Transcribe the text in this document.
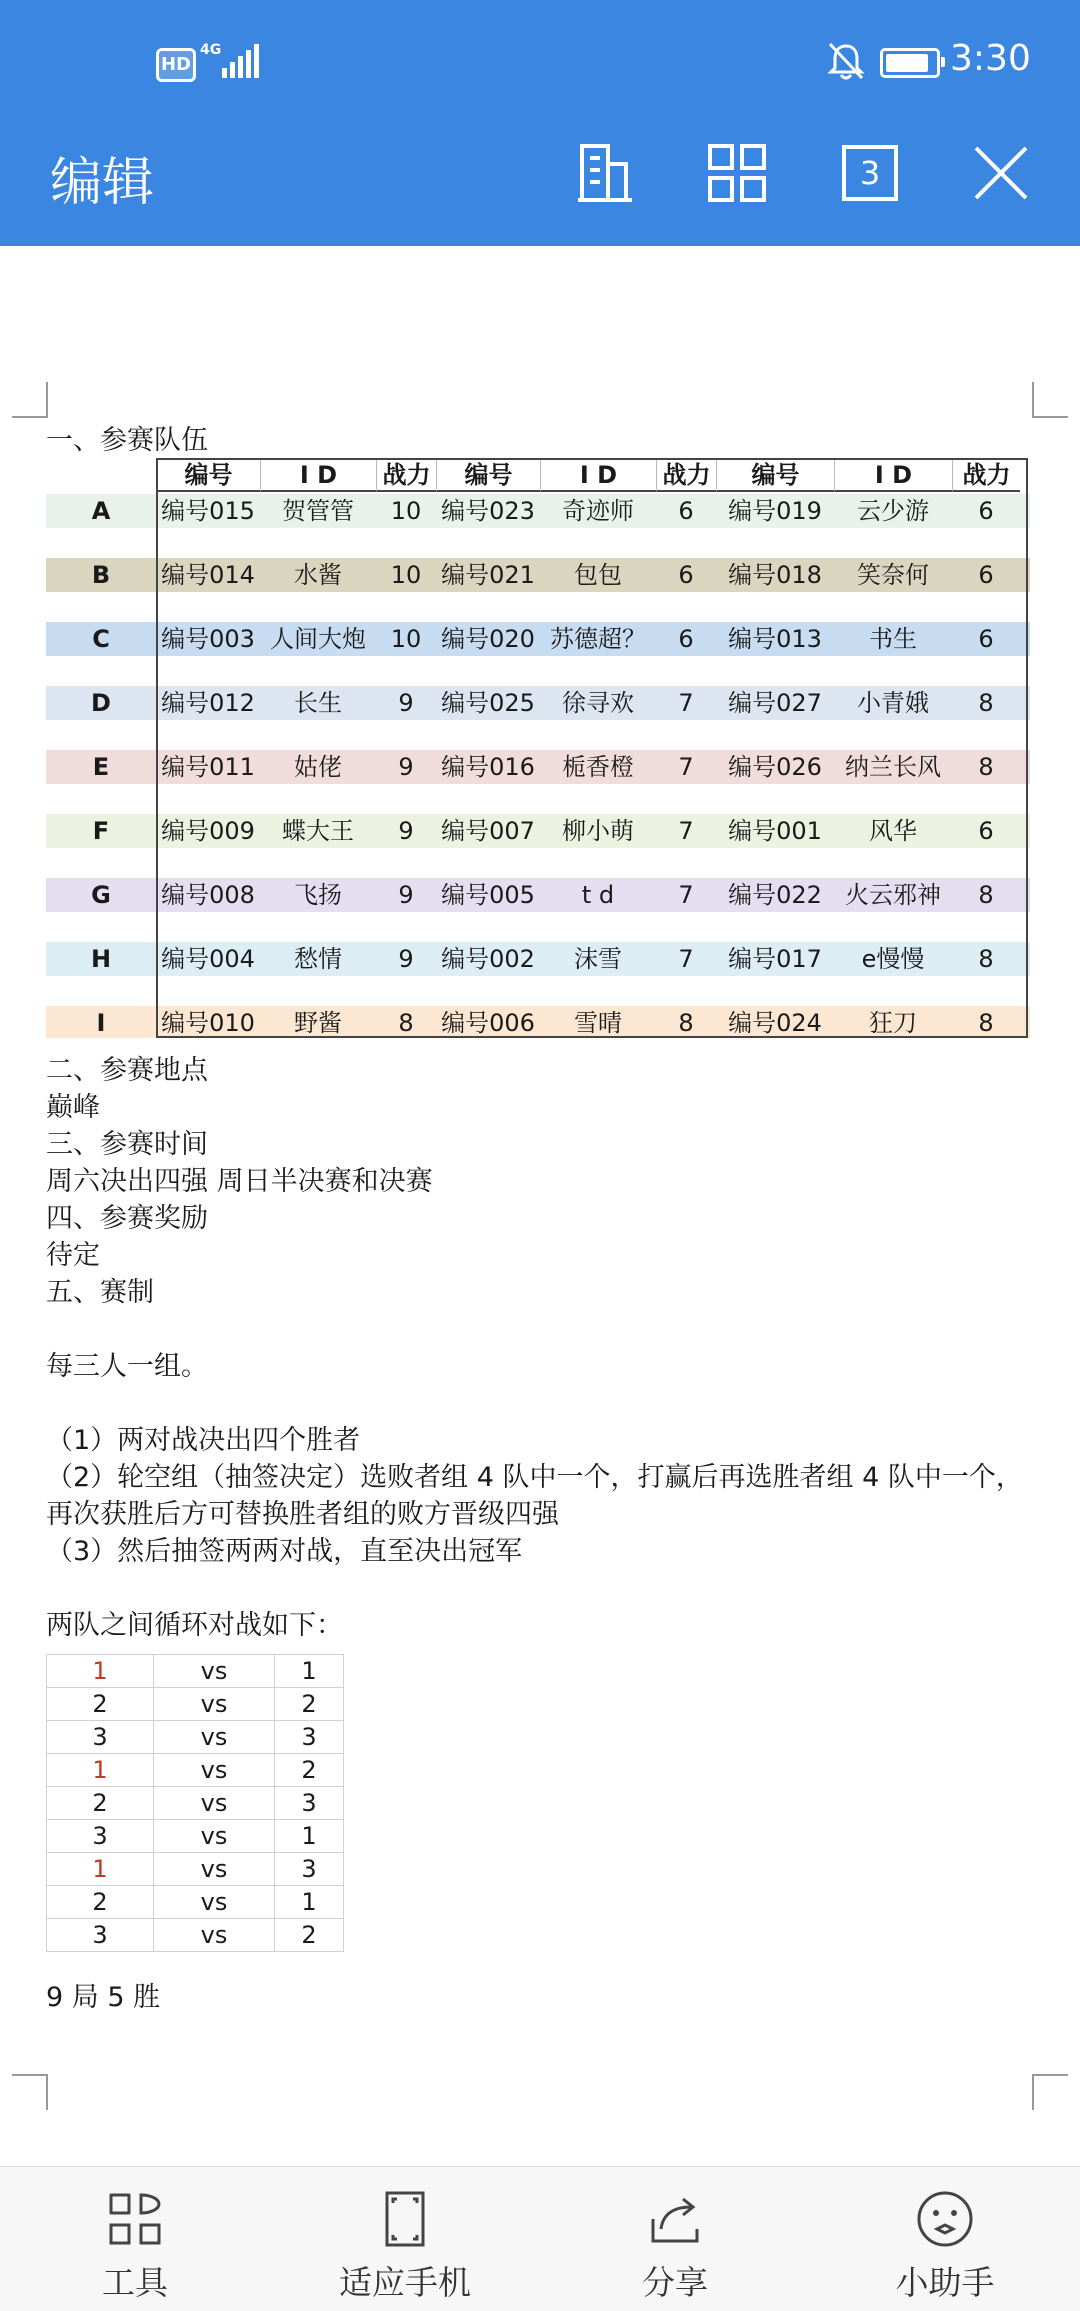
HD
4G	3:30
编辑	3
一、参赛队伍
编号	I D	战力	编号	I D	战力	编号	I D	战力
A	编号015	贺管管	10 编号023	奇迹师	6	编号019	云少游	6
B	编号014	水酱	10 编号021	包包	6	编号018	笑奈何	6
C	编号003 人间大炮	10 编号020 苏德超？	6	编号013	书生	6
D	编号012	长生	9	编号025	徐寻欢	7	编号027	小青娥	8
E	编号011	姑佬	9	编号016	栀香橙	7	编号026 纳兰长风	8
F	编号009	蝶大王	9	编号007	柳小萌	7	编号001	风华	6
G	编号008	飞扬	9	编号005	t d	7	编号022 火云邪神	8
H	编号004	愁情	9	编号002	沫雪	7	编号017	e慢慢	8
I	编号010	野酱	8	编号006	雪晴	8	编号024	狂刀	8
二、参赛地点
巅峰
三、参赛时间
周六决出四强 周日半决赛和决赛
四、参赛奖励
待定
五、赛制
每三人一组。
（1）两对战决出四个胜者
（2）轮空组（抽签决定）选败者组 4 队中一个，打赢后再选胜者组 4 队中一个，
再次获胜后方可替换胜者组的败方晋级四强
（3）然后抽签两两对战，直至决出冠军
两队之间循环对战如下：
1	vs	1
2	vs	2
3	vs	3
1	vs	2
2	vs	3
3	vs	1
1	vs	3
2	vs	1
3	vs	2
9 局 5 胜
工具	适应手机	分享	小助手
